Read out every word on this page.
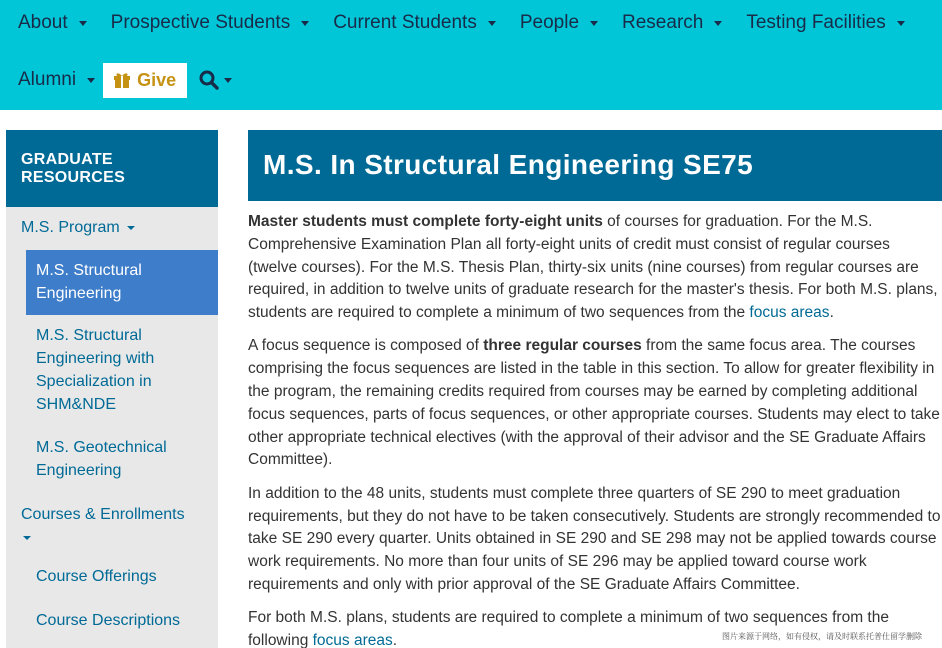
About Prospective Students Current Students People Research Testing Facilities
Alumni	Give
GRADUATE
RESOURCES
M.S. Program
M.S. Structural
Engineering
M.S. Structural
Engineering with
Specialization in
SHM&NDE
M.S. Geotechnical
Engineering
Courses & Enrollments
Course Offerings
Course Descriptions
M.S. In Structural Engineering SE75

Master students must complete forty-eight units of courses for graduation. For the M.S. Comprehensive Examination Plan all forty-eight units of credit must consist of regular courses (twelve courses). For the M.S. Thesis Plan, thirty-six units (nine courses) from regular courses are required, in addition to twelve units of graduate research for the master's thesis. For both M.S. plans, students are required to complete a minimum of two sequences from the focus areas.

A focus sequence is composed of three regular courses from the same focus area. The courses comprising the focus sequences are listed in the table in this section. To allow for greater flexibility in the program, the remaining credits required from courses may be earned by completing additional focus sequences, parts of focus sequences, or other appropriate courses. Students may elect to take other appropriate technical electives (with the approval of their advisor and the SE Graduate Affairs Committee).

In addition to the 48 units, students must complete three quarters of SE 290 to meet graduation requirements, but they do not have to be taken consecutively. Students are strongly recommended to take SE 290 every quarter. Units obtained in SE 290 and SE 298 may not be applied towards course work requirements. No more than four units of SE 296 may be applied toward course work requirements and only with prior approval of the SE Graduate Affairs Committee.

For both M.S. plans, students are required to complete a minimum of two sequences from the following focus areas.	图片来源于网络，如有侵权，请及时联系托普仕留学删除
